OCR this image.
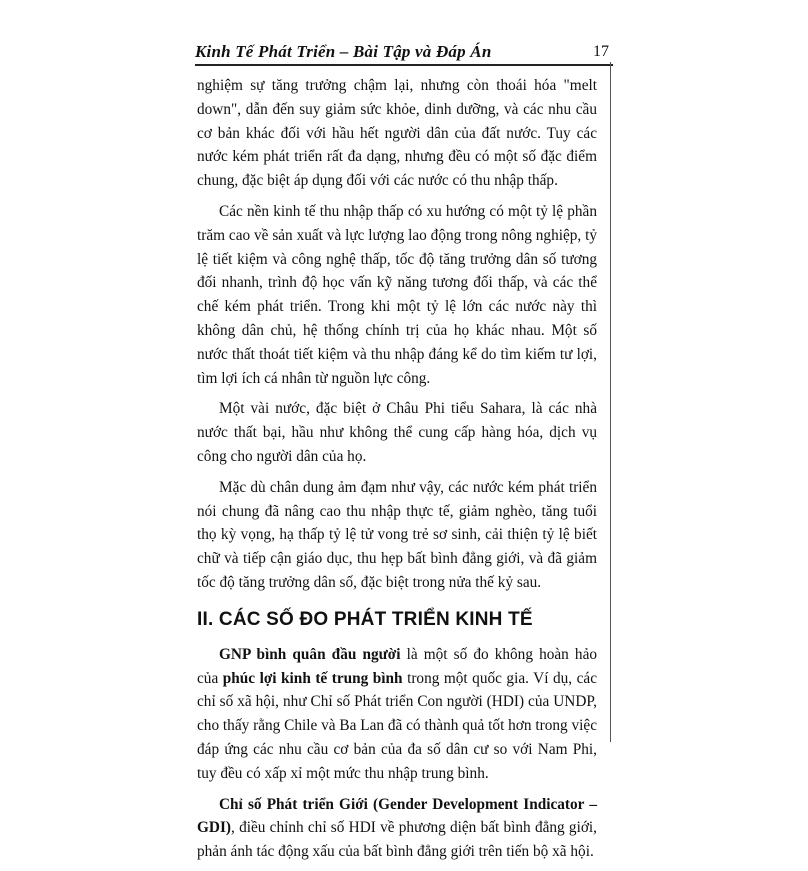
Kinh Tế Phát Triển – Bài Tập và Đáp Án	17

nghiệm sự tăng trưởng chậm lại, nhưng còn thoái hóa "melt down", dẫn đến suy giảm sức khỏe, dinh dưỡng, và các nhu cầu cơ bản khác đối với hầu hết người dân của đất nước. Tuy các nước kém phát triển rất đa dạng, nhưng đều có một số đặc điểm chung, đặc biệt áp dụng đối với các nước có thu nhập thấp.

Các nền kinh tế thu nhập thấp có xu hướng có một tỷ lệ phần trăm cao về sản xuất và lực lượng lao động trong nông nghiệp, tỷ lệ tiết kiệm và công nghệ thấp, tốc độ tăng trưởng dân số tương đối nhanh, trình độ học vấn kỹ năng tương đối thấp, và các thể chế kém phát triển. Trong khi một tỷ lệ lớn các nước này thì không dân chủ, hệ thống chính trị của họ khác nhau. Một số nước thất thoát tiết kiệm và thu nhập đáng kể do tìm kiếm tư lợi, tìm lợi ích cá nhân từ nguồn lực công.

Một vài nước, đặc biệt ở Châu Phi tiểu Sahara, là các nhà nước thất bại, hầu như không thể cung cấp hàng hóa, dịch vụ công cho người dân của họ.

Mặc dù chân dung ảm đạm như vậy, các nước kém phát triển nói chung đã nâng cao thu nhập thực tế, giảm nghèo, tăng tuổi thọ kỳ vọng, hạ thấp tỷ lệ tử vong trẻ sơ sinh, cải thiện tỷ lệ biết chữ và tiếp cận giáo dục, thu hẹp bất bình đẳng giới, và đã giảm tốc độ tăng trưởng dân số, đặc biệt trong nửa thế kỷ sau.

II. CÁC SỐ ĐO PHÁT TRIỂN KINH TẾ

GNP bình quân đầu người là một số đo không hoàn hảo của phúc lợi kinh tế trung bình trong một quốc gia. Ví dụ, các chỉ số xã hội, như Chỉ số Phát triển Con người (HDI) của UNDP, cho thấy rằng Chile và Ba Lan đã có thành quả tốt hơn trong việc đáp ứng các nhu cầu cơ bản của đa số dân cư so với Nam Phi, tuy đều có xấp xỉ một mức thu nhập trung bình.

Chỉ số Phát triển Giới (Gender Development Indicator – GDI), điều chỉnh chỉ số HDI về phương diện bất bình đẳng giới, phản ánh tác động xấu của bất bình đẳng giới trên tiến bộ xã hội.
